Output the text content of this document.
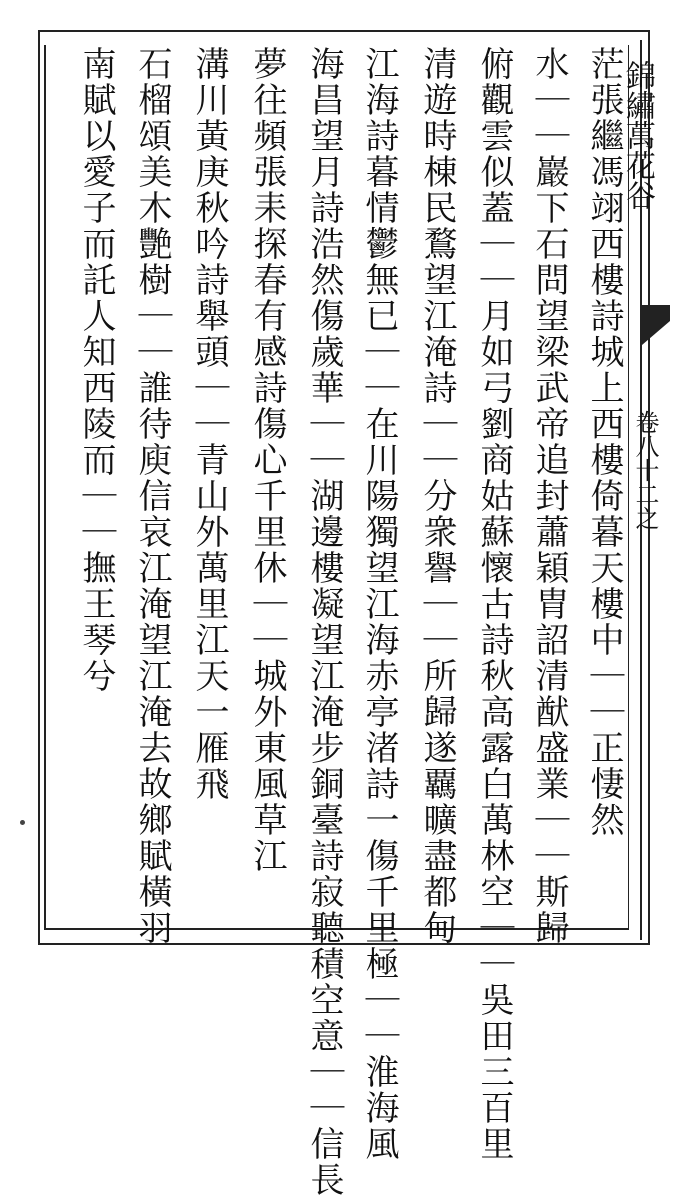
錦繡萬花谷
卷八十二之
茫張繼馮翊西樓詩城上西樓倚暮天樓中｜｜正悽然
水｜｜巖下石問望梁武帝追封蕭穎胄詔清猷盛業｜｜斯歸
俯觀雲似蓋｜｜月如弓劉商姑蘇懷古詩秋高露白萬林空｜｜吳田三百里
清遊時棟民鶩望江淹詩｜｜分衆譽｜｜所歸遂覊曠盡都甸
江海詩暮情鬱無已｜｜在川陽獨望江海赤亭渚詩一傷千里極｜｜淮海風
海昌望月詩浩然傷歲華｜｜湖邊樓凝望江淹步銅臺詩寂聽積空意｜｜信長
夢往頻張耒探春有感詩傷心千里休｜｜城外東風草江
溝川黃庚秋吟詩舉頭｜｜青山外萬里江天一雁飛
石榴頌美木艷樹｜｜誰待庾信哀江淹望江淹去故鄉賦橫羽
南賦以愛子而託人知西陵而｜｜撫王琴兮
